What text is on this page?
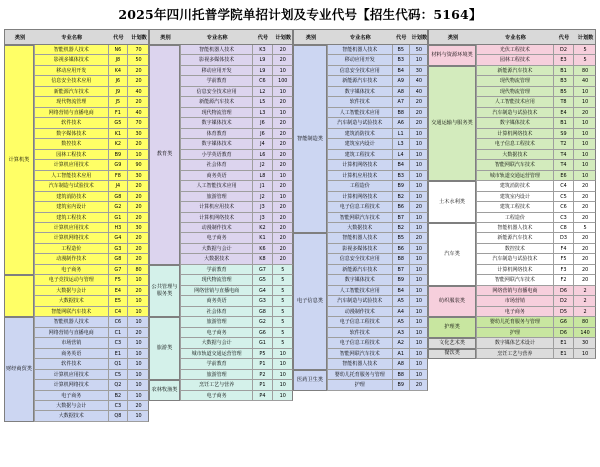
2025年四川托普学院单招计划及专业代号【招生代码：5164】
类别	专业名称	代号	计划数
计算机类
智能机器人技术	N6	70
影视多媒体技术	J8	50
移动应用开发	K4	20
信息安全技术应用	J6	20
新能源汽车技术	J9	40
现代物流管理	J5	20
网络营销与直播电商	F1	40
软件技术	G5	70
数字媒体技术	K1	30
数控技术	K2	20
园林工程技术	B9	10
计算机应用技术	G9	90
人工智能技术应用	F8	30
汽车制造与试验技术	J4	20
建筑消防技术	G8	20
建筑室内设计	G2	20
建筑工程技术	G1	20
计算机应用技术	H3	30
计算机网络技术	G4	20
工程造价	G3	20
动漫制作技术	G8	20
电子商务	G7	80
电子竞技运动与管理	F5	10
大数据与会计	E4	20
大数据技术	E5	10
智能网联汽车技术	C4	10
财经商贸类
智能机器人技术	C6	10
网络营销与直播电商	C1	20
市场营销	C3	10
商务英语	E1	10
软件技术	Q1	10
计算机应用技术	C5	10
计算机网络技术	Q2	10
电子商务	B2	10
大数据与会计	C3	20
大数据技术	Q8	10
类别	专业名称	代号	计划数
教育类
智能机器人技术	K3	20
影视多媒体技术	L9	20
移动应用开发	L9	10
学前教育	C6	100
信息安全技术应用	L2	10
新能源汽车技术	L5	20
现代物流管理	L3	10
数字媒体技术	J6	20
体育教育	J6	20
数字媒体技术	J4	20
小学英语教育	L6	20
社会体育	J2	20
商务英语	L8	10
人工智能技术应用	J1	20
旅游管理	J2	10
计算机应用技术	J3	20
计算机网络技术	J3	20
动漫制作技术	K2	20
电子商务	K1	20
大数据与会计	K6	20
大数据技术	K8	20
公共管理与服务类
学前教育	G7	5
现代物流管理	G5	5
网络营销与直播电商	G4	5
商务英语	G3	5
社会体育	G8	5
旅游类
旅游管理	G2	5
电子商务	G6	5
大数据与会计	G1	5
城市轨道交通运营管理	P5	10
学前教育	P1	10
旅游管理	P2	10
农林牧渔类
烹饪工艺与营养	P1	10
电子商务	P4	10
类别	专业名称	代号	计划数
智能制造类
智能机器人技术	B5	50
移动应用开发	B3	10
信息安全技术应用	B4	30
新能源汽车技术	A9	40
数字媒体技术	A8	40
软件技术	A7	20
人工智能技术应用	B8	20
汽车制造与试验技术	A6	20
建筑消防技术	L1	10
建筑室内设计	L3	10
建筑工程技术	L4	10
计算机网络技术	B4	10
计算机应用技术	B3	10
工程造价	B9	10
计算机网络技术	B2	10
电子信息工程技术	B6	20
智能网联汽车技术	B7	10
大数据技术	B2	10
电子信息类
智能机器人技术	B5	20
影视多媒体技术	B6	10
信息安全技术应用	B8	10
新能源汽车技术	B7	10
数字媒体技术	B9	10
人工智能技术应用	B4	10
汽车制造与试验技术	A5	10
动漫制作技术	A4	10
电子信息工程技术	A5	10
软件技术	A3	10
电子信息工程技术	A2	10
智能网联汽车技术	A1	10
智能机器人技术	A8	10
医药卫生类
婴幼儿托育服务与管理	B8	10
护理	B9	20
类别	专业名称	代号	计划数
材料与资源环境类
光伏工程技术	D2	5
园林工程技术	E3	5
交通运输与服务类
新能源汽车技术	B1	80
现代物流管理	B3	40
现代物流管理	B5	10
人工智能技术应用	T8	10
汽车制造与试验技术	E4	20
数字媒体技术	B1	10
计算机网络技术	S9	10
电子信息工程技术	T2	10
大数据技术	T4	10
智能网联汽车技术	T4	10
城市轨道交通运营管理	E6	10
土木水利类
建筑消防技术	C4	20
建筑室内设计	C5	20
建筑工程技术	C6	20
工程造价	C3	20
汽车类
智能机器人技术	C8	5
新能源汽车技术	D3	20
数控技术	F4	20
汽车制造与试验技术	F5	20
计算机网络技术	F3	20
智能网联汽车技术	F2	20
纺织服装类
网络营销与直播电商	D6	2
市场营销	D2	2
电子商务	D5	2
护理类
婴幼儿托育服务与管理	G6	80
护理	D6	140
文化艺术类	数字媒体艺术设计	E1	30
餐饮类	烹饪工艺与营养	E1	10
